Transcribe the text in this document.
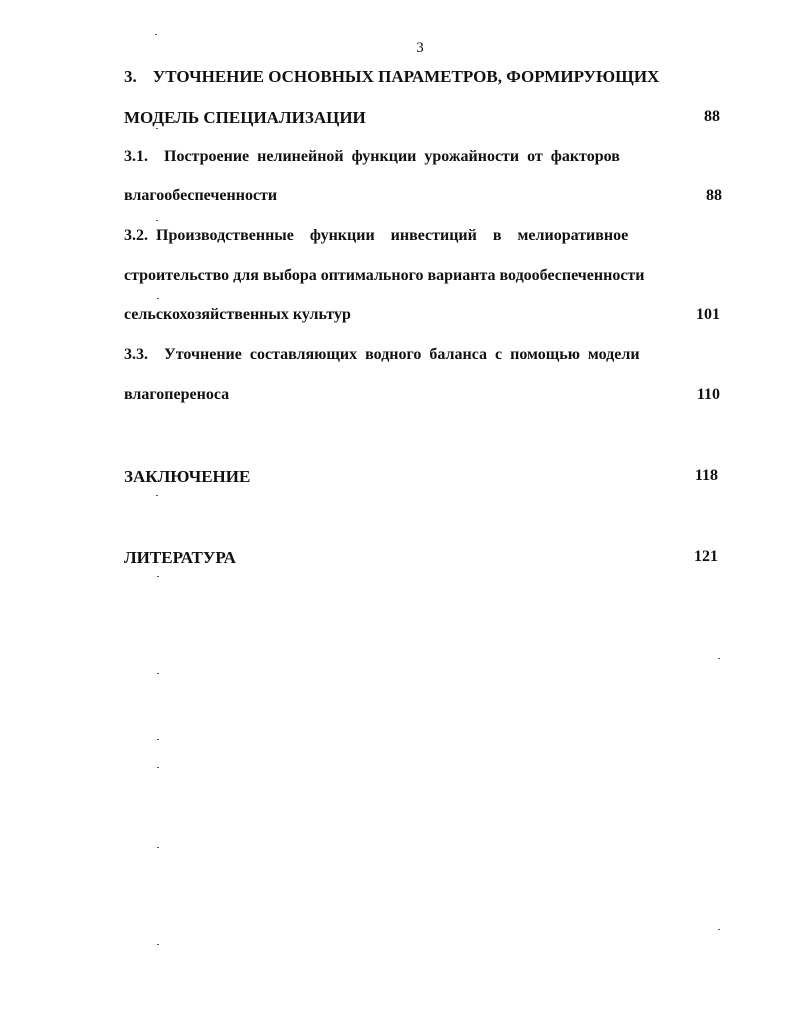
3
3. УТОЧНЕНИЕ ОСНОВНЫХ ПАРАМЕТРОВ, ФОРМИРУЮЩИХ
МОДЕЛЬ СПЕЦИАЛИЗАЦИИ	88
3.1. Построение нелинейной функции урожайности от факторов
влагообеспеченности	88
3.2. Производственные функции инвестиций в мелиоративное
строительство для выбора оптимального варианта водообеспеченности
сельскохозяйственных культур	101
3.3. Уточнение составляющих водного баланса с помощью модели
влагопереноса	110
ЗАКЛЮЧЕНИЕ	118
ЛИТЕРАТУРА	121
